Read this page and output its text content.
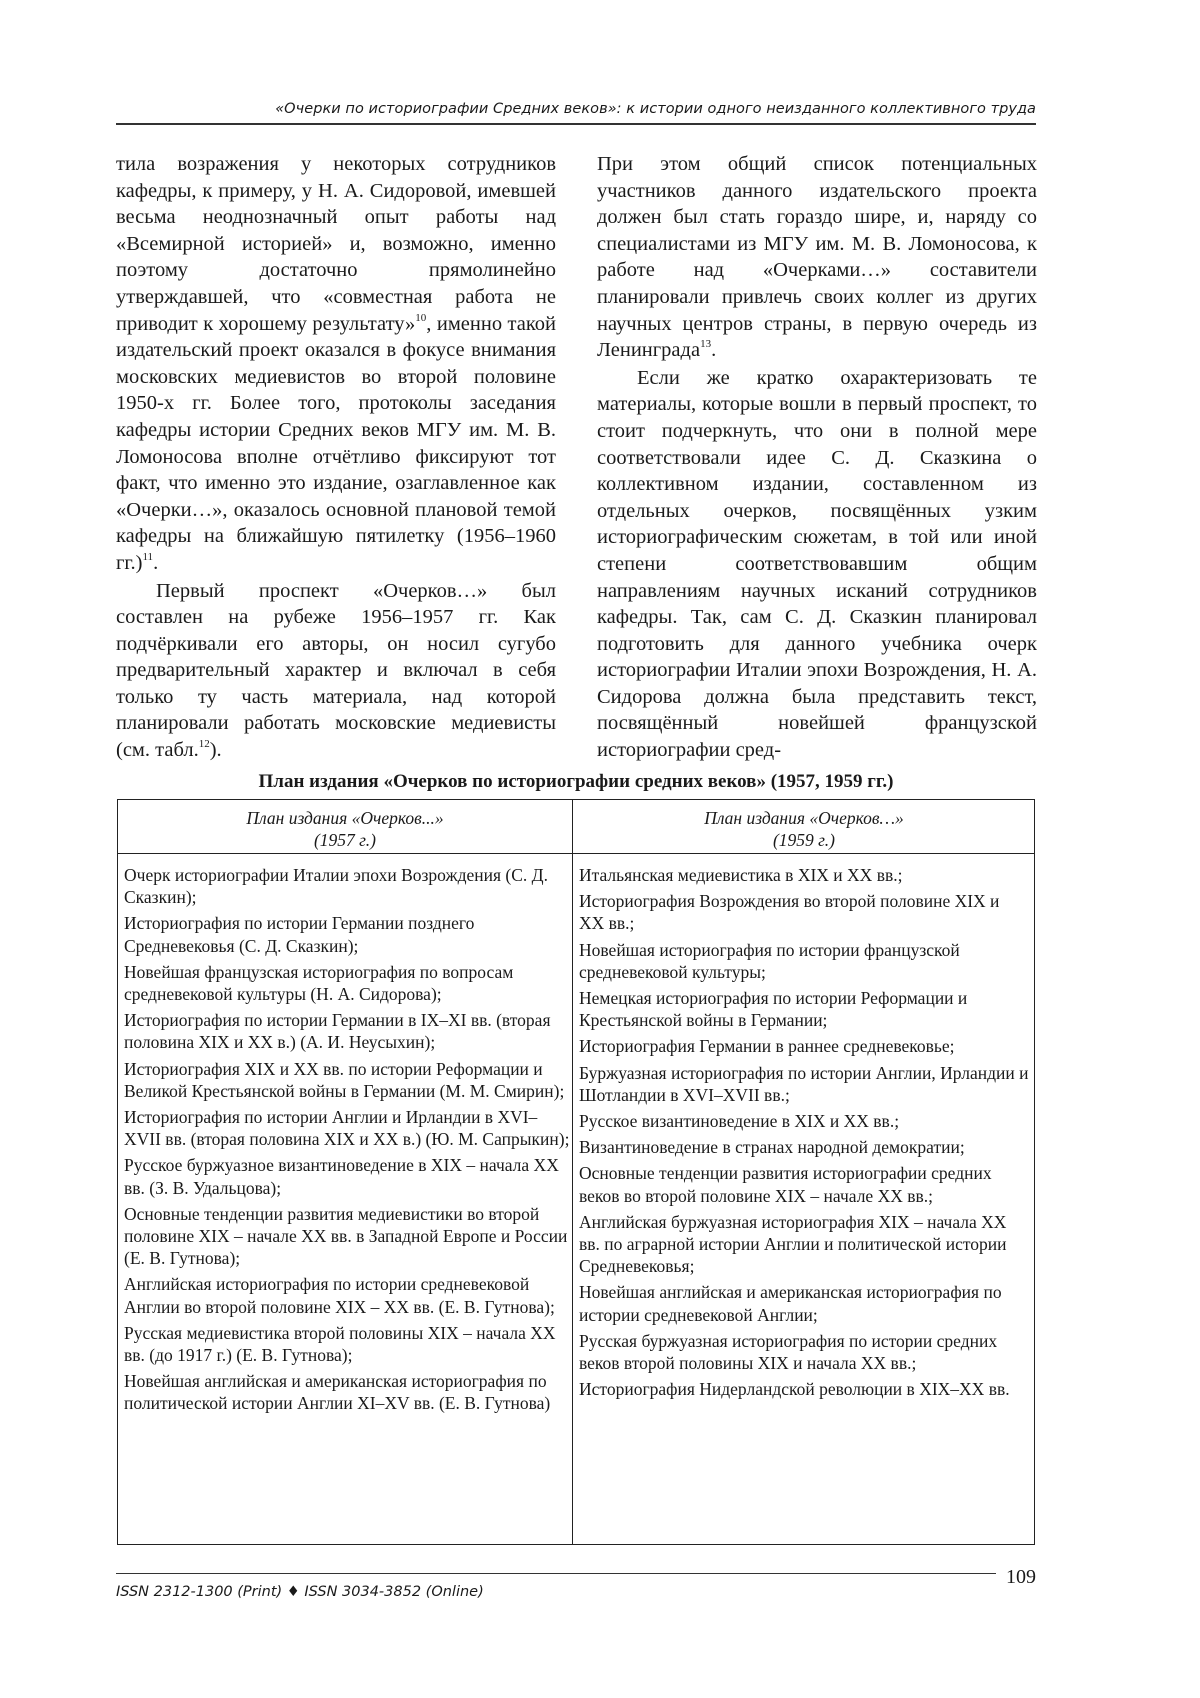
«Очерки по историографии Средних веков»: к истории одного неизданного коллективного труда

тила возражения у некоторых сотрудников кафедры, к примеру, у Н. А. Сидоровой, имевшей весьма неоднозначный опыт работы над «Всемирной историей» и, возможно, именно поэтому достаточно прямолинейно утверждавшей, что «совместная работа не приводит к хорошему результату»$^{10}$, именно такой издательский проект оказался в фокусе внимания московских медиевистов во второй половине 1950-х гг. Более того, протоколы заседания кафедры истории Средних веков МГУ им. М. В. Ломоносова вполне отчётливо фиксируют тот факт, что именно это издание, озаглавленное как «Очерки…», оказалось основной плановой темой кафедры на ближайшую пятилетку (1956–1960 гг.)$^{11}$.

Первый проспект «Очерков…» был составлен на рубеже 1956–1957 гг. Как подчёркивали его авторы, он носил сугубо предварительный характер и включал в себя только ту часть материала, над которой планировали работать московские медиевисты (см. табл.$^{12}$).

При этом общий список потенциальных участников данного издательского проекта должен был стать гораздо шире, и, наряду со специалистами из МГУ им. М. В. Ломоносова, к работе над «Очерками…» составители планировали привлечь своих коллег из других научных центров страны, в первую очередь из Ленинграда$^{13}$.

Если же кратко охарактеризовать те материалы, которые вошли в первый проспект, то стоит подчеркнуть, что они в полной мере соответствовали идее С. Д. Сказкина о коллективном издании, составленном из отдельных очерков, посвящённых узким историографическим сюжетам, в той или иной степени соответствовавшим общим направлениям научных исканий сотрудников кафедры. Так, сам С. Д. Сказкин планировал подготовить для данного учебника очерк историографии Италии эпохи Возрождения, Н. А. Сидорова должна была представить текст, посвящённый новейшей французской историографии сред-

План издания «Очерков по историографии средних веков» (1957, 1959 гг.)
План издания «Очерков...»
(1957 г.)
План издания «Очерков…»
(1959 г.)
Очерк историографии Италии эпохи Возрождения (С. Д. Сказкин);
Историография по истории Германии позднего Средневековья (С. Д. Сказкин);
Новейшая французская историография по вопросам средневековой культуры (Н. А. Сидорова);
Историография по истории Германии в IX–XI вв. (вторая половина XIX и XX в.) (А. И. Неусыхин);
Историография XIX и XX вв. по истории Реформации и Великой Крестьянской войны в Германии (М. М. Смирин);
Историография по истории Англии и Ирландии в XVI–XVII вв. (вторая половина XIX и XX в.) (Ю. М. Сапрыкин);
Русское буржуазное византиноведение в XIX – начала XX вв. (З. В. Удальцова);
Основные тенденции развития медиевистики во второй половине XIX – начале XX вв. в Западной Европе и России (Е. В. Гутнова);
Английская историография по истории средневековой Англии во второй половине XIX – XX вв. (Е. В. Гутнова);
Русская медиевистика второй половины XIX – начала XX вв. (до 1917 г.) (Е. В. Гутнова);
Новейшая английская и американская историография по политической истории Англии XI–XV вв. (Е. В. Гутнова)
Итальянская медиевистика в XIX и XX вв.;
Историография Возрождения во второй половине XIX и XX вв.;
Новейшая историография по истории французской средневековой культуры;
Немецкая историография по истории Реформации и Крестьянской войны в Германии;
Историография Германии в раннее средневековье;
Буржуазная историография по истории Англии, Ирландии и Шотландии в XVI–XVII вв.;
Русское византиноведение в XIX и XX вв.;
Византиноведение в странах народной демократии;
Основные тенденции развития историографии средних веков во второй половине XIX – начале XX вв.;
Английская буржуазная историография XIX – начала XX вв. по аграрной истории Англии и политической истории Средневековья;
Новейшая английская и американская историография по истории средневековой Англии;
Русская буржуазная историография по истории средних веков второй половины XIX и начала XX вв.;
Историография Нидерландской революции в XIX–XX вв.
ISSN 2312-1300 (Print) ♦ ISSN 3034-3852 (Online)
109
